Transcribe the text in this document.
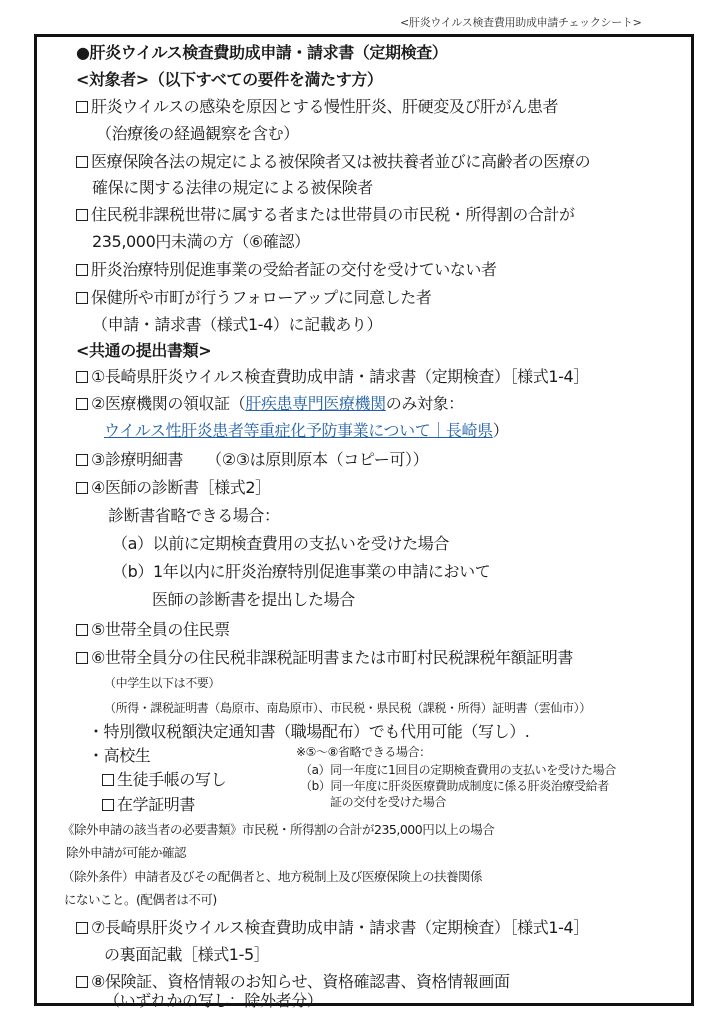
<肝炎ウイルス検査費用助成申請チェックシート>
●肝炎ウイルス検査費助成申請・請求書（定期検査）
<対象者>（以下すべての要件を満たす方）
肝炎ウイルスの感染を原因とする慢性肝炎、肝硬変及び肝がん患者
（治療後の経過観察を含む）
医療保険各法の規定による被保険者又は被扶養者並びに高齢者の医療の
確保に関する法律の規定による被保険者
住民税非課税世帯に属する者または世帯員の市民税・所得割の合計が
235,000円未満の方（⑥確認）
肝炎治療特別促進事業の受給者証の交付を受けていない者
保健所や市町が行うフォローアップに同意した者
（申請・請求書（様式1-4）に記載あり）
<共通の提出書類>
①長崎県肝炎ウイルス検査費助成申請・請求書（定期検査）［様式1-4］
②医療機関の領収証（肝疾患専門医療機関のみ対象：
ウイルス性肝炎患者等重症化予防事業について｜長崎県）
③診療明細書　　（②③は原則原本（コピー可））
④医師の診断書［様式2］
診断書省略できる場合：
（a）以前に定期検査費用の支払いを受けた場合
（b）1年以内に肝炎治療特別促進事業の申請において
医師の診断書を提出した場合
⑤世帯全員の住民票
⑥世帯全員分の住民税非課税証明書または市町村民税課税年額証明書
（中学生以下は不要）
（所得・課税証明書（島原市、南島原市）、市民税・県民税（課税・所得）証明書（雲仙市））
・特別徴収税額決定通知書（職場配布）でも代用可能（写し）.
・高校生
生徒手帳の写し
在学証明書
※⑤～⑧省略できる場合：
（a）同一年度に1回目の定期検査費用の支払いを受けた場合
（b）同一年度に肝炎医療費助成制度に係る肝炎治療受給者
証の交付を受けた場合
《除外申請の該当者の必要書類》市民税・所得割の合計が235,000円以上の場合
除外申請が可能か確認
（除外条件）申請者及びその配偶者と、地方税制上及び医療保険上の扶養関係
にないこと。(配偶者は不可)
⑦長崎県肝炎ウイルス検査費助成申請・請求書（定期検査）［様式1-4］
の裏面記載［様式1-5］
⑧保険証、資格情報のお知らせ、資格確認書、資格情報画面
（いずれかの写し：除外者分）
